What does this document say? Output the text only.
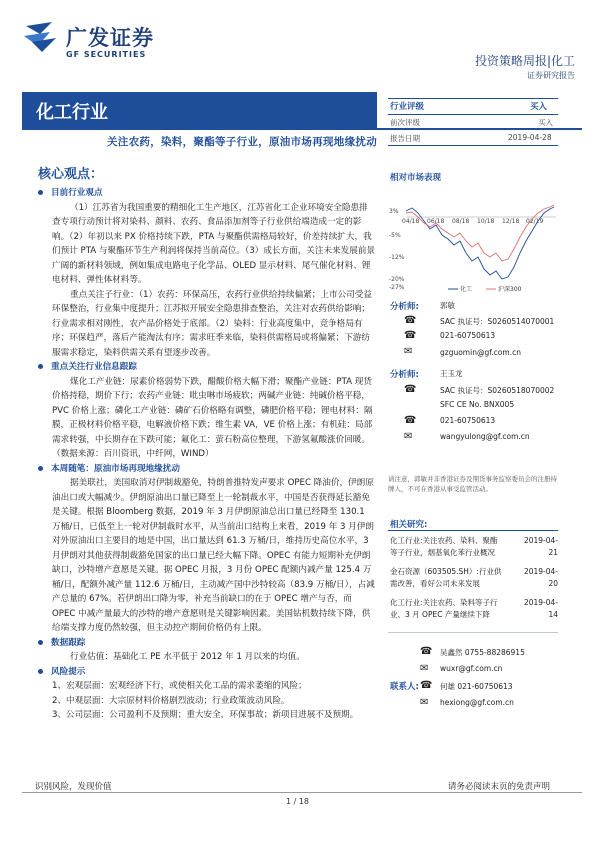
广发证券
GF SECURITIES	投资策略周报|化工
证券研究报告
化工行业
关注农药，染料，聚酯等子行业，原油市场再现地缘扰动
行业评级	买入
前次评级	买入
报告日期	2019-04-28
相对市场表现
3%
-5%
-12%
-20%
-27%
04/18 06/18 08/18 10/18 12/18 02/19
化工	沪深300
分析师:	郭敏
SAC 执证号：S0260514070001
021-60750613
gzguomin@gf.com.cn
☎
☎
✉
分析师:	王玉龙
SAC 执证号：S0260518070002
SFC CE No. BNX005
021-60750613
wangyulong@gf.com.cn
☎
☎
✉
请注意，郭敏并非香港证券及期货事务监察委员会的注册持牌人，不可在香港从事受监管活动。
相关研究:
化工行业:关注农药、染料、聚酯	2019-04-
等子行业，烟基氧化苯行业概况	21
金石资源（603505.SH）:行业供	2019-04-
需改善，看好公司未来发展	20
化工行业:关注农药、染料等子行	2019-04-
业、3 月 OPEC 产量继续下降	14
联系人:
吴鑫然 0755-88286915
wuxr@gf.com.cn
何雄 021-60750613
hexiong@gf.com.cn
☎
✉
☎
✉
核心观点：
目前行业观点
（1）江苏省为我国重要的精细化工生产地区，江苏省化工企业环境安全隐患排查专项行动预计将对染料、颜料、农药、食品添加剂等子行业供给端造成一定的影响。（2）年初以来 PX 价格持续下跌，PTA 与聚酯供需格局较好，价差持续扩大，我们预计 PTA 与聚酯环节生产利润将保持当前高位。（3）成长方面，关注未来发展前景广阔的新材料领域，例如集成电路电子化学品、OLED 显示材料、尾气催化材料、锂电材料、弹性体材料等。
重点关注子行业：（1）农药：环保高压，农药行业供给持续偏紧；上市公司受益环保整治，行业集中度提升；江苏拟开展安全隐患排查整治，关注对农药供给影响；行业需求相对刚性，农产品价格处于底部。（2）染料：行业高度集中，竞争格局有序；环保趋严，落后产能淘汰有序；需求旺季来临，染料供需格局或将偏紧；下游纺服需求稳定，染料供需关系有望逐步改善。
重点关注行业信息跟踪
煤化工产业链：尿素价格弱势下跌，醋酸价格大幅下滑；聚酯产业链：PTA 现货价格持稳，期价下行；农药产业链：吡虫啉市场疲软；两碱产业链：纯碱价格平稳，PVC 价格上涨；磷化工产业链：磷矿石价格略有调整，磷肥价格平稳；锂电材料：隔膜，正极材料价格平稳，电解液价格下跌；维生素 VA，VE 价格上涨；有机硅：局部需求转强，中长期存在下跌可能；氟化工：萤石粉高位整理，下游氢氟酸涨价回暖。（数据来源：百川资讯，中纤网，WIND）
本周随笔：原油市场再现地缘扰动
据美联社，美国取消对伊制裁豁免，特朗普推特发声要求 OPEC 降油价，伊朗原油出口或大幅减少。伊朗原油出口量已降至上一轮制裁水平，中国是否获得延长豁免是关键。根据 Bloomberg 数据，2019 年 3 月伊朗原油总出口量已经降至 130.1 万桶/日，已低至上一轮对伊制裁时水平，从当前出口结构上来看，2019 年 3 月伊朗对外原油出口主要目的地是中国，出口量达到 61.3 万桶/日，维持历史高位水平，3 月伊朗对其他获得制裁豁免国家的出口量已经大幅下降。OPEC 有能力短期补充伊朗缺口，沙特增产意愿是关键。据 OPEC 月报，3 月份 OPEC 配额内减产量 125.4 万桶/日，配额外减产量 112.6 万桶/日，主动减产国中沙特较高（83.9 万桶/日），占减产总量的 67%。若伊朗出口降为零，补充当前缺口的在于 OPEC 增产与否，而 OPEC 中减产量最大的沙特的增产意愿则是关键影响因素。美国钻机数持续下降，供给端支撑力度仍然较强，但主动控产期间价格仍有上限。
数据跟踪
行业估值：基础化工 PE 水平低于 2012 年 1 月以来的均值。
风险提示
1、宏观层面：宏观经济下行，或使相关化工品的需求萎缩的风险；
2、中观层面：大宗原材料价格剧烈波动；行业政策波动风险。
3、公司层面：公司盈利不及预期；重大安全，环保事故；新项目进展不及预期。
识别风险，发现价值	请务必阅读末页的免责声明
1 / 18
